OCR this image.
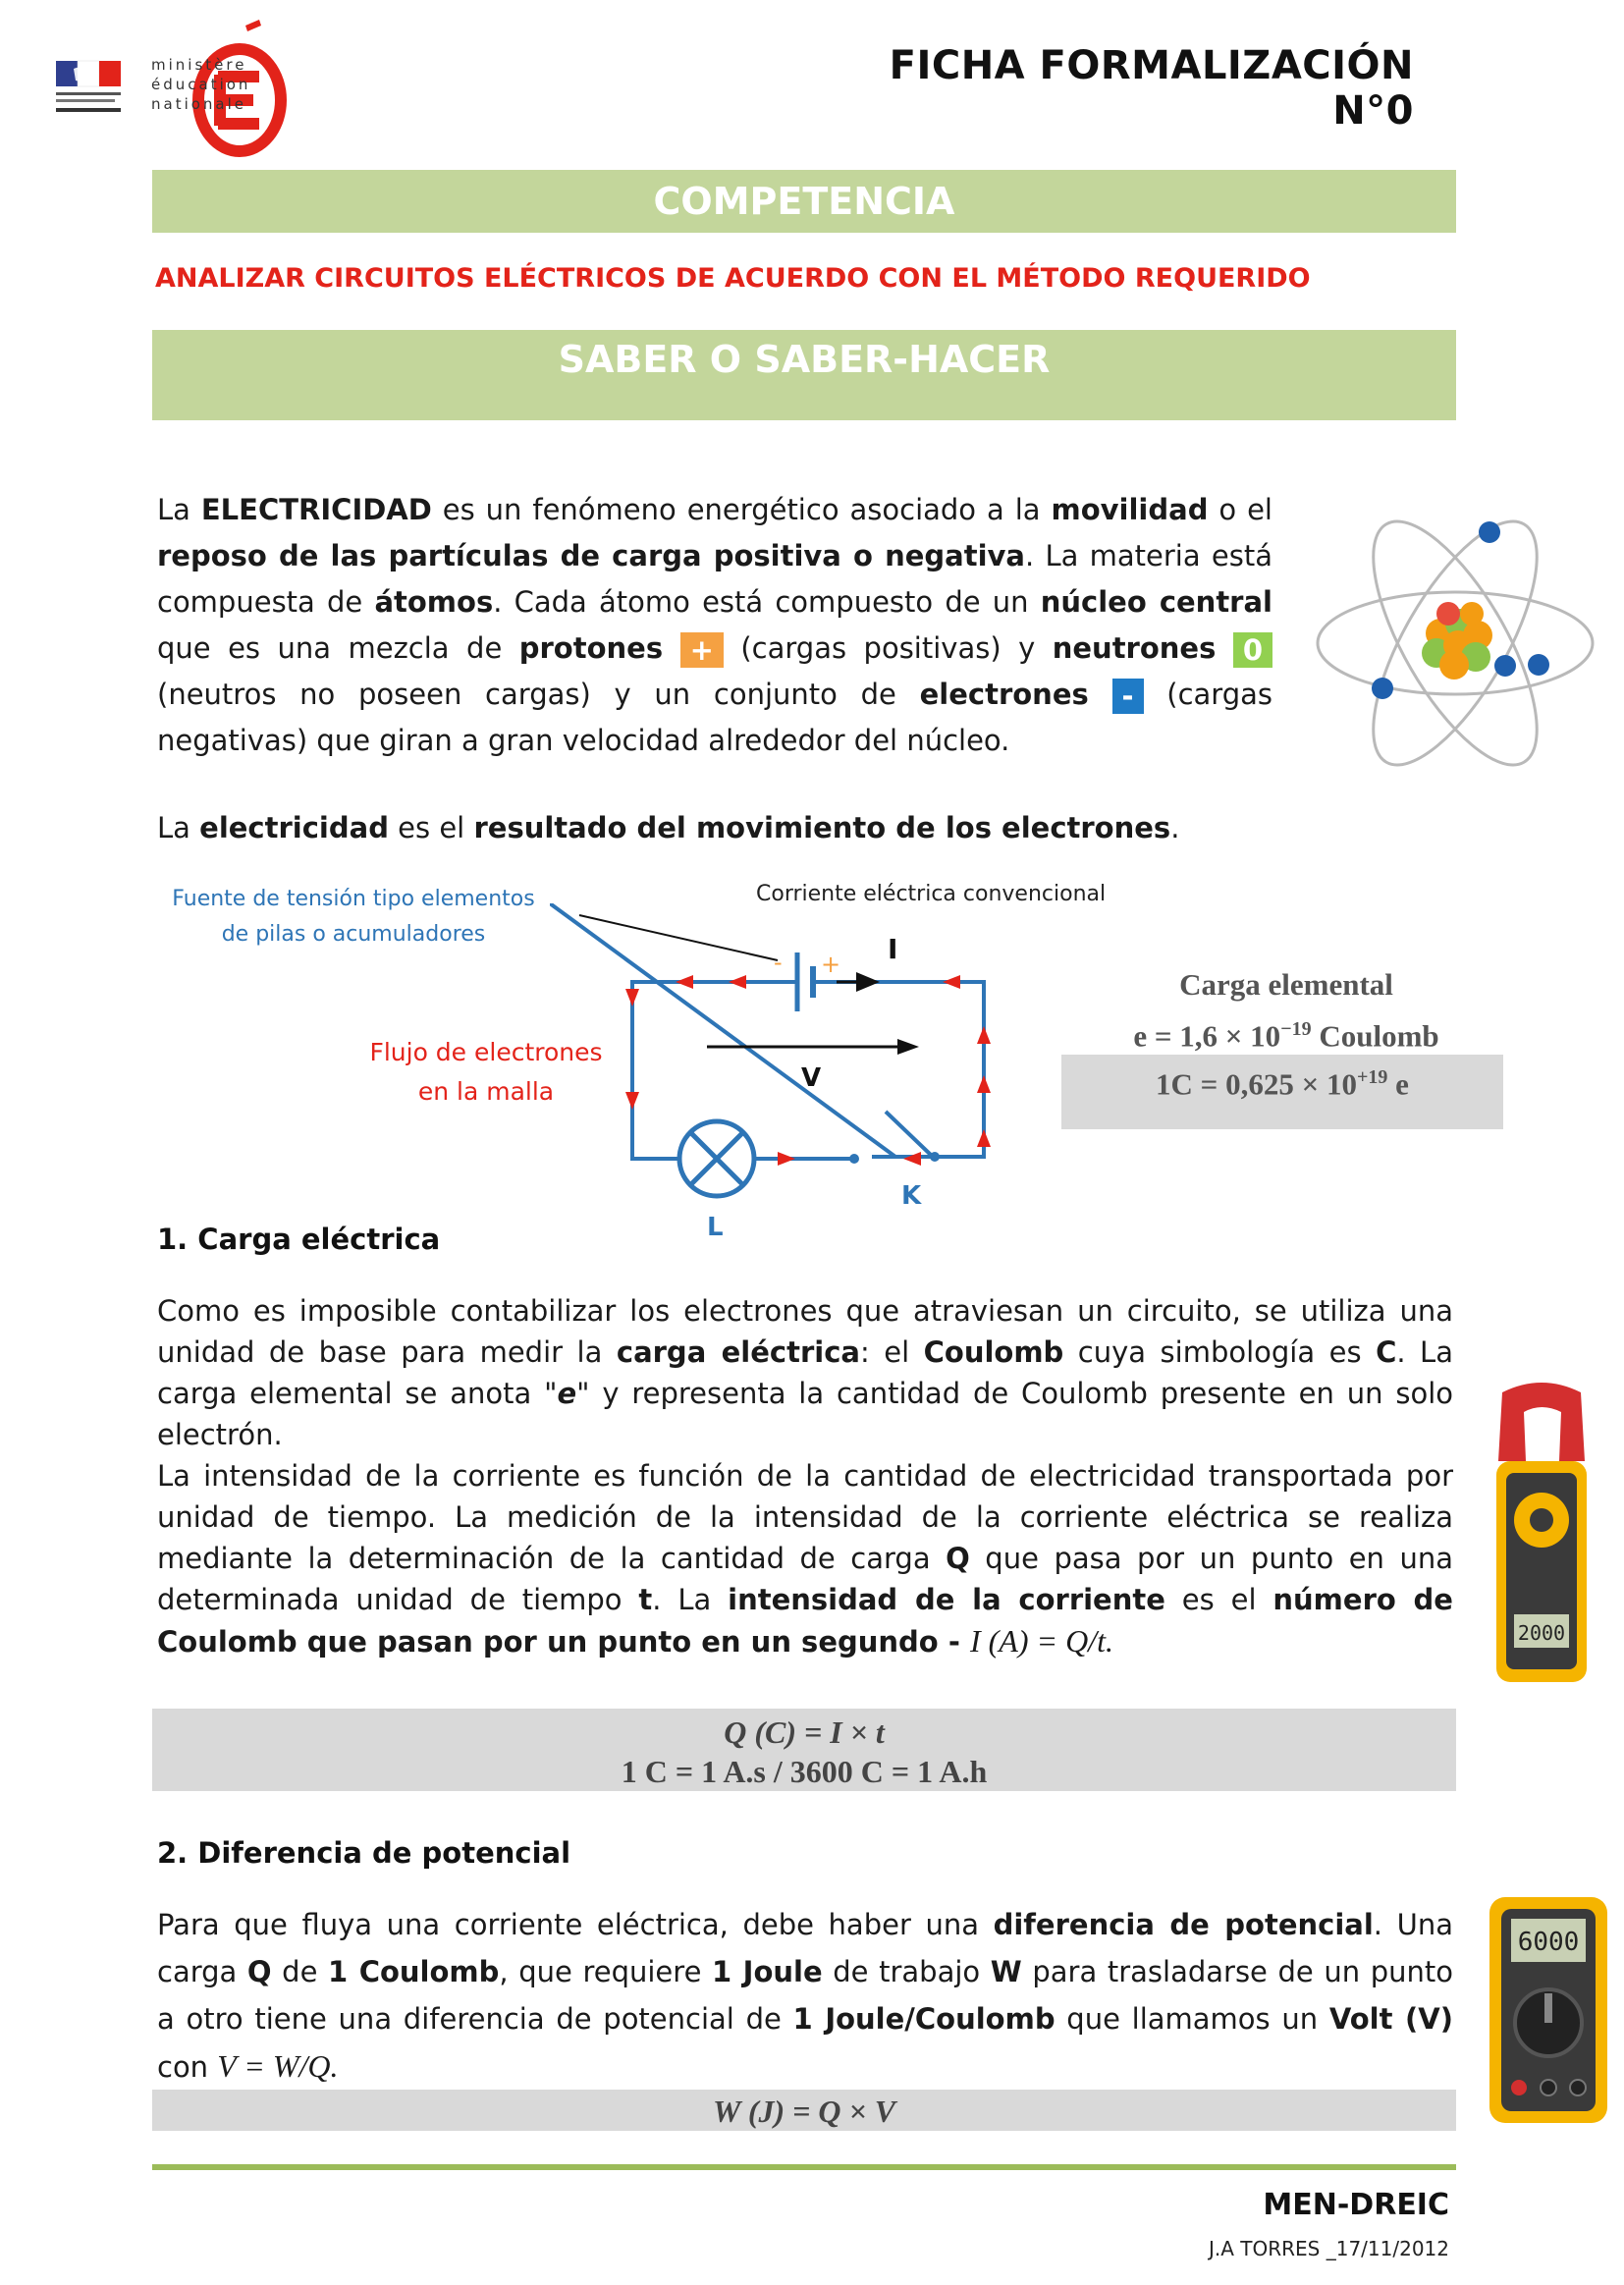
ministère
éducation
nationale
FICHA FORMALIZACIÓN N°0
COMPETENCIA
ANALIZAR CIRCUITOS ELÉCTRICOS DE ACUERDO CON EL MÉTODO REQUERIDO
SABER O SABER-HACER
La ELECTRICIDAD es un fenómeno energético asociado a la movilidad o el reposo de las partículas de carga positiva o negativa. La materia está compuesta de átomos. Cada átomo está compuesto de un núcleo central que es una mezcla de protones + (cargas positivas) y neutrones 0 (neutros no poseen cargas) y un conjunto de electrones - (cargas negativas) que giran a gran velocidad alrededor del núcleo.
La electricidad es el resultado del movimiento de los electrones.
Fuente de tensión tipo elementos de pilas o acumuladores
Corriente eléctrica convencional
Flujo de electrones en la malla
- + I
V
K
L
Carga elemental
$e = 1,6 \times 10^{-19}$ Coulomb
$1C = 0,625 \times 10^{+19}$ e
1. Carga eléctrica
Como es imposible contabilizar los electrones que atraviesan un circuito, se utiliza una unidad de base para medir la carga eléctrica: el Coulomb cuya simbología es C. La carga elemental se anota "e" y representa la cantidad de Coulomb presente en un solo electrón.
La intensidad de la corriente es función de la cantidad de electricidad transportada por unidad de tiempo. La medición de la intensidad de la corriente eléctrica se realiza mediante la determinación de la cantidad de carga Q que pasa por un punto en una determinada unidad de tiempo t. La intensidad de la corriente es el número de Coulomb que pasan por un punto en un segundo - I (A) = Q/t.	2000
Q (C) = I × t
1 C = 1 A.s / 3600 C = 1 A.h
2. Diferencia de potencial
Para que fluya una corriente eléctrica, debe haber una diferencia de potencial. Una carga Q de 1 Coulomb, que requiere 1 Joule de trabajo W para trasladarse de un punto a otro tiene una diferencia de potencial de 1 Joule/Coulomb que llamamos un Volt (V) con V = W/Q.
6000
W (J) = Q × V
MEN-DREIC
J.A TORRES _17/11/2012
